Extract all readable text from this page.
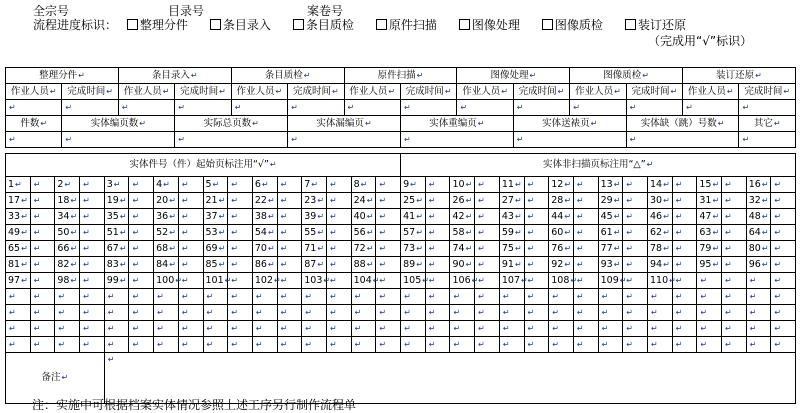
全宗号	目录号	案卷号
流程进度标识： 整理分件	条目录入	条目质检	原件扫描	图像处理	图像质检	装订还原
（完成用“√”标识）
整理分件↵		条目录入↵		条目质检↵		原件扫描↵		图像处理↵		图像质检↵		装订还原↵	
作业人员↵	完成时间↵	作业人员↵	完成时间↵	作业人员↵	完成时间↵	作业人员↵	完成时间↵	作业人员↵	完成时间↵	作业人员↵	完成时间↵	作业人员↵	完成时间↵
↵	↵	↵	↵	↵	↵	↵	↵	↵	↵	↵	↵	↵	↵
件数↵	实体编页数↵		实际总页数↵		实体漏编页↵		实体重编页↵		实体送裱页↵		实体缺（跳）号数↵		其它↵
↵	↵		↵		↵		↵		↵		↵		↵
实体件号（件）起始页标注用“√”↵																实体非扫描页标注用“△”↵															
1↵	↵	2↵	↵	3↵	↵	4↵	↵	5↵	↵	6↵	↵	7↵	↵	8↵	↵	9↵	↵	10↵	↵	11↵	↵	12↵	↵	13↵	↵	14↵	↵	15↵	↵	16↵	↵
17↵	↵	18↵	↵	19↵	↵	20↵	↵	21↵	↵	22↵	↵	23↵	↵	24↵	↵	25↵	↵	26↵	↵	27↵	↵	28↵	↵	29↵	↵	30↵	↵	31↵	↵	32↵	↵
33↵	↵	34↵	↵	35↵	↵	36↵	↵	37↵	↵	38↵	↵	39↵	↵	40↵	↵	41↵	↵	42↵	↵	43↵	↵	44↵	↵	45↵	↵	46↵	↵	47↵	↵	48↵	↵
49↵	↵	50↵	↵	51↵	↵	52↵	↵	53↵	↵	54↵	↵	55↵	↵	56↵	↵	57↵	↵	58↵	↵	59↵	↵	60↵	↵	61↵	↵	62↵	↵	63↵	↵	64↵	↵
65↵	↵	66↵	↵	67↵	↵	68↵	↵	69↵	↵	70↵	↵	71↵	↵	72↵	↵	73↵	↵	74↵	↵	75↵	↵	76↵	↵	77↵	↵	78↵	↵	79↵	↵	80↵	↵
81↵	↵	82↵	↵	83↵	↵	84↵	↵	85↵	↵	86↵	↵	87↵	↵	88↵	↵	89↵	↵	90↵	↵	91↵	↵	92↵	↵	93↵	↵	94↵	↵	95↵	↵	96↵	↵
97↵	↵	98↵	↵	99↵	↵	100↵	↵	101↵	↵	102↵	↵	103↵	↵	104↵	↵	105↵	↵	106↵	↵	107↵	↵	108↵	↵	109↵	↵	110↵	↵	↵	↵	↵	↵
↵	↵	↵	↵	↵	↵	↵	↵	↵	↵	↵	↵	↵	↵	↵	↵	↵	↵	↵	↵	↵	↵	↵	↵	↵	↵	↵	↵	↵	↵	↵	↵
↵	↵	↵	↵	↵	↵	↵	↵	↵	↵	↵	↵	↵	↵	↵	↵	↵	↵	↵	↵	↵	↵	↵	↵	↵	↵	↵	↵	↵	↵	↵	↵
↵	↵	↵	↵	↵	↵	↵	↵	↵	↵	↵	↵	↵	↵	↵	↵	↵	↵	↵	↵	↵	↵	↵	↵	↵	↵	↵	↵	↵	↵	↵	↵
↵	↵	↵	↵	↵	↵	↵	↵	↵	↵	↵	↵	↵	↵	↵	↵	↵	↵	↵	↵	↵	↵	↵	↵	↵	↵	↵	↵	↵	↵	↵	↵
备注↵				↵																											
注：实施中可根据档案实体情况参照上述工序另行制作流程单
